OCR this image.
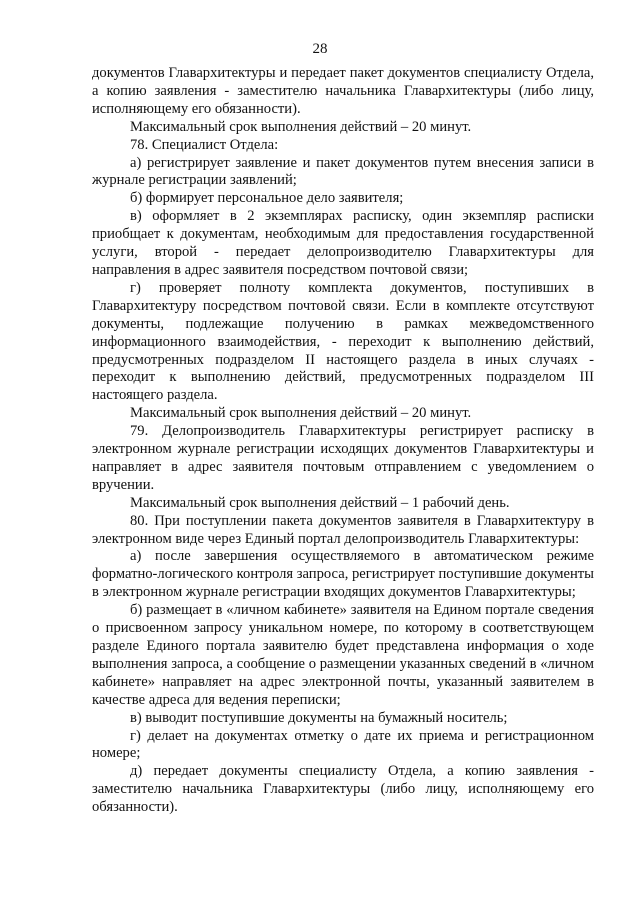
28

документов Главархитектуры и передает пакет документов специалисту Отдела, а копию заявления - заместителю начальника Главархитектуры (либо лицу, исполняющему его обязанности).

Максимальный срок выполнения действий – 20 минут.

78. Специалист Отдела:

а) регистрирует заявление и пакет документов путем внесения записи в журнале регистрации заявлений;

б) формирует персональное дело заявителя;

в) оформляет в 2 экземплярах расписку, один экземпляр расписки приобщает к документам, необходимым для предоставления государственной услуги, второй - передает делопроизводителю Главархитектуры для направления в адрес заявителя посредством почтовой связи;

г) проверяет полноту комплекта документов, поступивших в Главархитектуру посредством почтовой связи. Если в комплекте отсутствуют документы, подлежащие получению в рамках межведомственного информационного взаимодействия, - переходит к выполнению действий, предусмотренных подразделом II настоящего раздела в иных случаях - переходит к выполнению действий, предусмотренных подразделом III настоящего раздела.

Максимальный срок выполнения действий – 20 минут.

79. Делопроизводитель Главархитектуры регистрирует расписку в электронном журнале регистрации исходящих документов Главархитектуры и направляет в адрес заявителя почтовым отправлением с уведомлением о вручении.

Максимальный срок выполнения действий – 1 рабочий день.

80. При поступлении пакета документов заявителя в Главархитектуру в электронном виде через Единый портал делопроизводитель Главархитектуры:

а) после завершения осуществляемого в автоматическом режиме форматно-логического контроля запроса, регистрирует поступившие документы в электронном журнале регистрации входящих документов Главархитектуры;

б) размещает в «личном кабинете» заявителя на Едином портале сведения о присвоенном запросу уникальном номере, по которому в соответствующем разделе Единого портала заявителю будет представлена информация о ходе выполнения запроса, а сообщение о размещении указанных сведений в «личном кабинете» направляет на адрес электронной почты, указанный заявителем в качестве адреса для ведения переписки;

в) выводит поступившие документы на бумажный носитель;

г) делает на документах отметку о дате их приема и регистрационном номере;

д) передает документы специалисту Отдела, а копию заявления - заместителю начальника Главархитектуры (либо лицу, исполняющему его обязанности).
